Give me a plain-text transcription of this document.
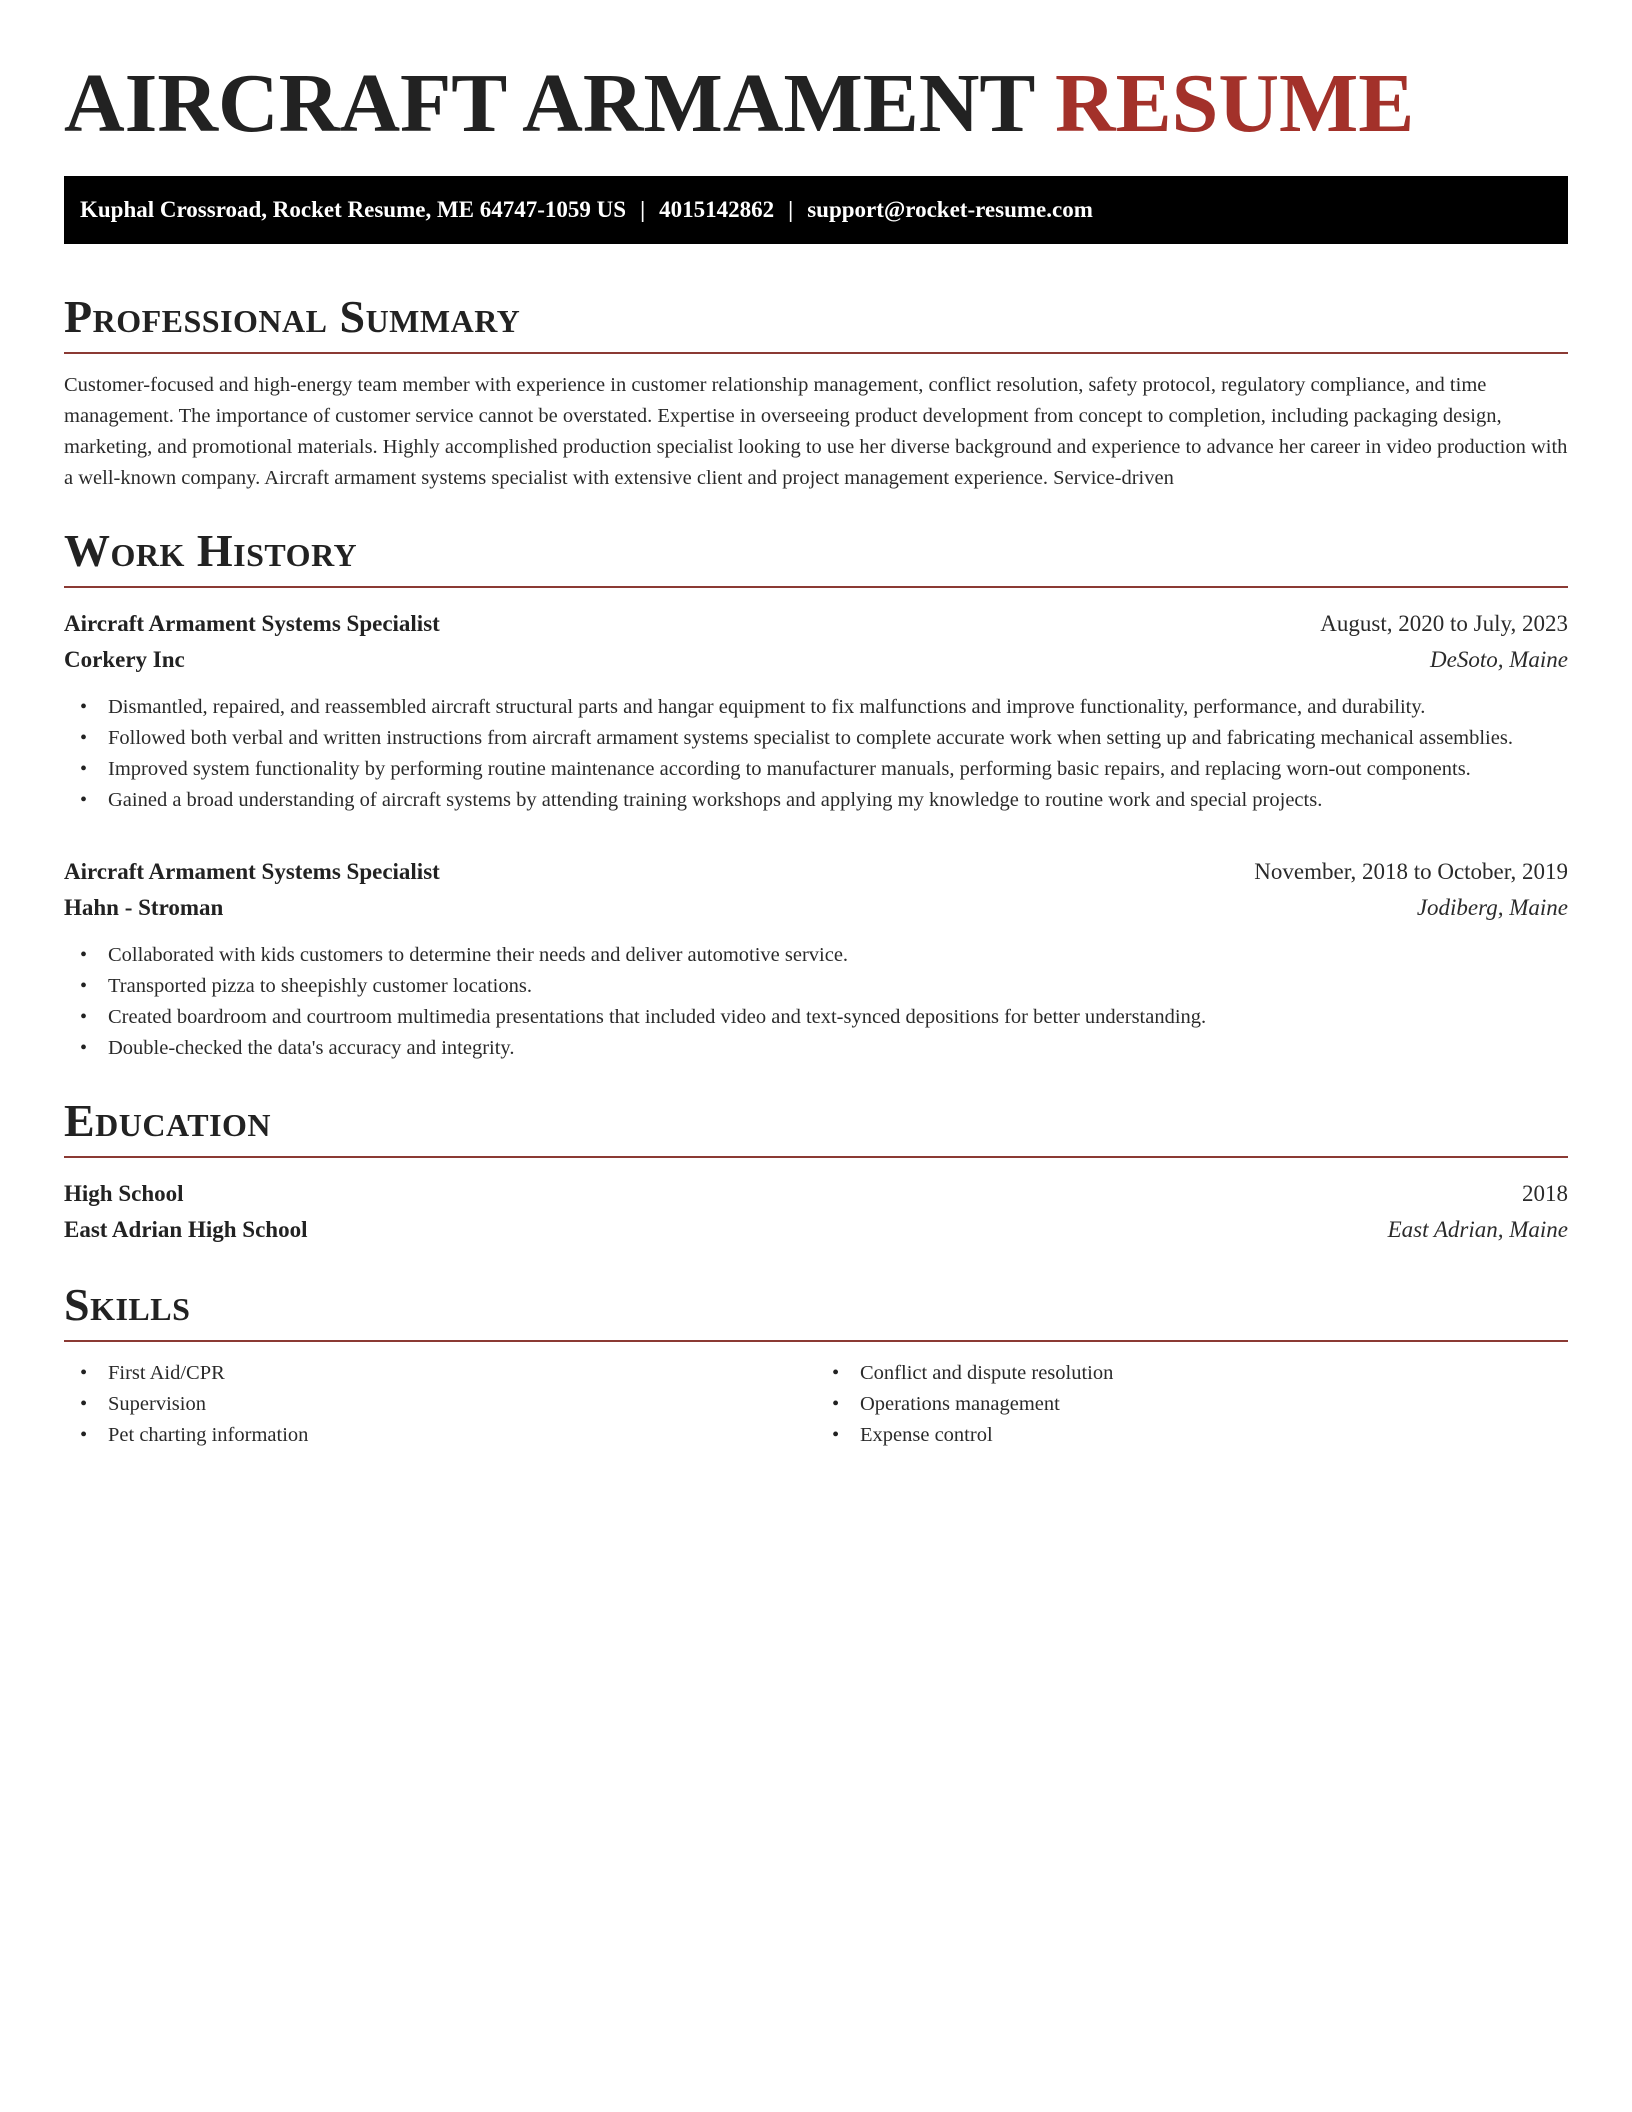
AIRCRAFT ARMAMENT RESUME
Kuphal Crossroad, Rocket Resume, ME 64747-1059 US | 4015142862 | support@rocket-resume.com
Professional Summary

Customer-focused and high-energy team member with experience in customer relationship management, conflict resolution, safety protocol, regulatory compliance, and time management. The importance of customer service cannot be overstated. Expertise in overseeing product development from concept to completion, including packaging design, marketing, and promotional materials. Highly accomplished production specialist looking to use her diverse background and experience to advance her career in video production with a well-known company. Aircraft armament systems specialist with extensive client and project management experience. Service-driven

Work History
Aircraft Armament Systems Specialist	August, 2020 to July, 2023
Corkery Inc	DeSoto, Maine
• Dismantled, repaired, and reassembled aircraft structural parts and hangar equipment to fix malfunctions and improve functionality, performance, and durability.
• Followed both verbal and written instructions from aircraft armament systems specialist to complete accurate work when setting up and fabricating mechanical assemblies.
• Improved system functionality by performing routine maintenance according to manufacturer manuals, performing basic repairs, and replacing worn-out components.
• Gained a broad understanding of aircraft systems by attending training workshops and applying my knowledge to routine work and special projects.
Aircraft Armament Systems Specialist	November, 2018 to October, 2019
Hahn - Stroman	Jodiberg, Maine
• Collaborated with kids customers to determine their needs and deliver automotive service.
• Transported pizza to sheepishly customer locations.
• Created boardroom and courtroom multimedia presentations that included video and text-synced depositions for better understanding.
• Double-checked the data's accuracy and integrity.
Education
High School	2018
East Adrian High School	East Adrian, Maine
Skills
• First Aid/CPR
• Supervision
• Pet charting information
• Conflict and dispute resolution
• Operations management
• Expense control
